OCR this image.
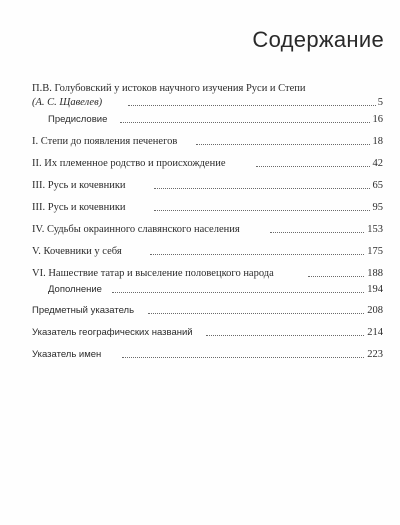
Содержание
П.В. Голубовский у истоков научного изучения Руси и Степи
(А. С. Щавелев)	5
Предисловие	16
I. Степи до появления печенегов	18
II. Их племенное родство и происхождение	42
III. Русь и кочевники	65
III. Русь и кочевники	95
IV. Судьбы окраинного славянского населения	153
V. Кочевники у себя	175
VI. Нашествие татар и выселение половецкого народа	188
Дополнение	194
Предметный указатель	208
Указатель географических названий	214
Указатель имен	223
